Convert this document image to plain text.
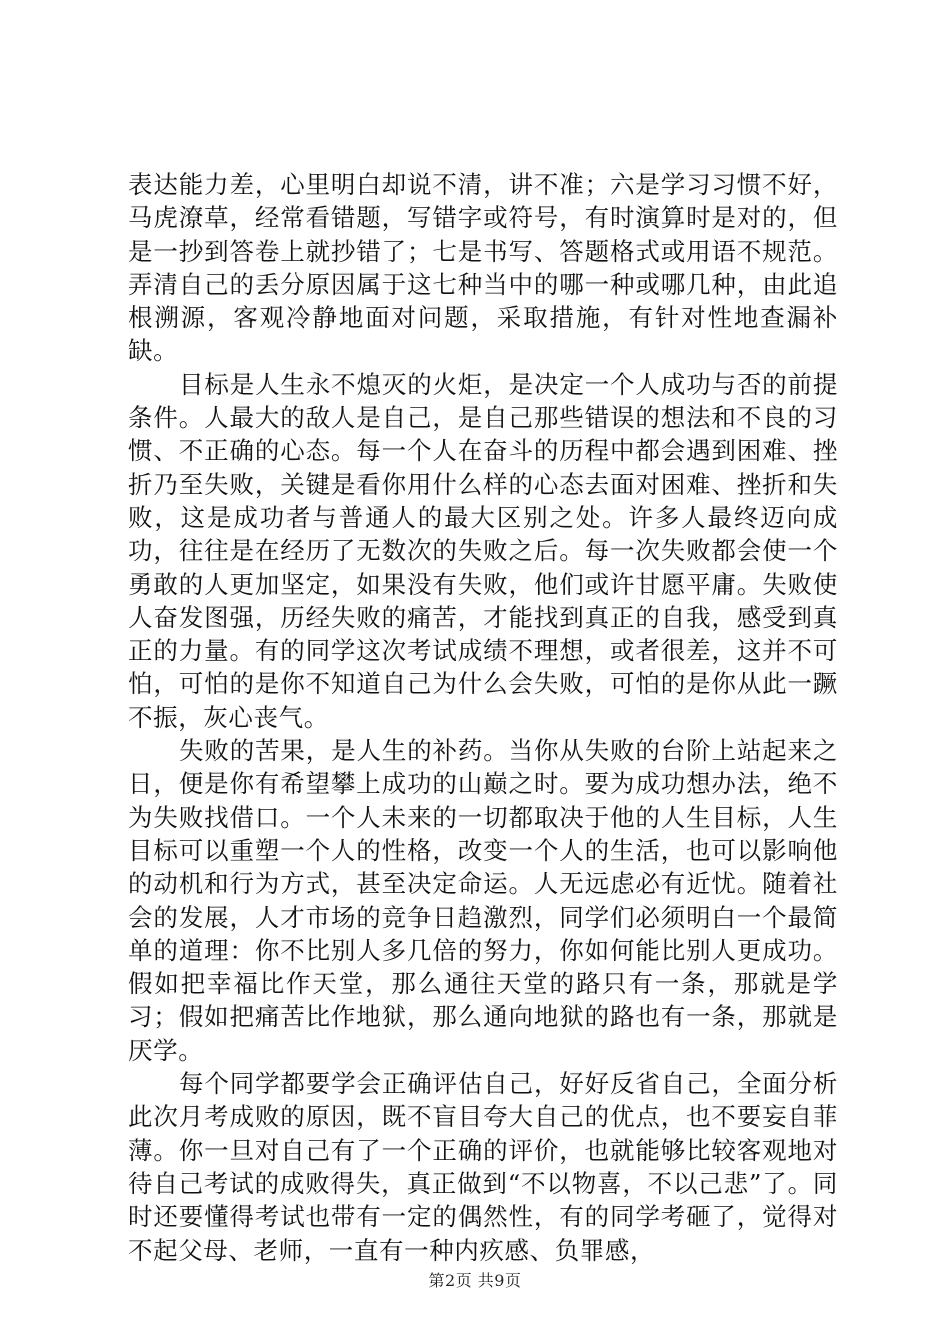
表达能力差，心里明白却说不清，讲不准；六是学习习惯不好，马虎潦草，经常看错题，写错字或符号，有时演算时是对的，但是一抄到答卷上就抄错了；七是书写、答题格式或用语不规范。弄清自己的丢分原因属于这七种当中的哪一种或哪几种，由此追根溯源，客观冷静地面对问题，采取措施，有针对性地查漏补缺。

目标是人生永不熄灭的火炬，是决定一个人成功与否的前提条件。人最大的敌人是自己，是自己那些错误的想法和不良的习惯、不正确的心态。每一个人在奋斗的历程中都会遇到困难、挫折乃至失败，关键是看你用什么样的心态去面对困难、挫折和失败，这是成功者与普通人的最大区别之处。许多人最终迈向成功，往往是在经历了无数次的失败之后。每一次失败都会使一个勇敢的人更加坚定，如果没有失败，他们或许甘愿平庸。失败使人奋发图强，历经失败的痛苦，才能找到真正的自我，感受到真正的力量。有的同学这次考试成绩不理想，或者很差，这并不可怕，可怕的是你不知道自己为什么会失败，可怕的是你从此一蹶不振，灰心丧气。

失败的苦果，是人生的补药。当你从失败的台阶上站起来之日，便是你有希望攀上成功的山巅之时。要为成功想办法，绝不为失败找借口。一个人未来的一切都取决于他的人生目标，人生目标可以重塑一个人的性格，改变一个人的生活，也可以影响他的动机和行为方式，甚至决定命运。人无远虑必有近忧。随着社会的发展，人才市场的竞争日趋激烈，同学们必须明白一个最简单的道理：你不比别人多几倍的努力，你如何能比别人更成功。假如把幸福比作天堂，那么通往天堂的路只有一条，那就是学习；假如把痛苦比作地狱，那么通向地狱的路也有一条，那就是厌学。

每个同学都要学会正确评估自己，好好反省自己，全面分析此次月考成败的原因，既不盲目夸大自己的优点，也不要妄自菲薄。你一旦对自己有了一个正确的评价，也就能够比较客观地对待自己考试的成败得失，真正做到“不以物喜，不以己悲”了。同时还要懂得考试也带有一定的偶然性，有的同学考砸了，觉得对不起父母、老师，一直有一种内疚感、负罪感，

第2页 共9页
